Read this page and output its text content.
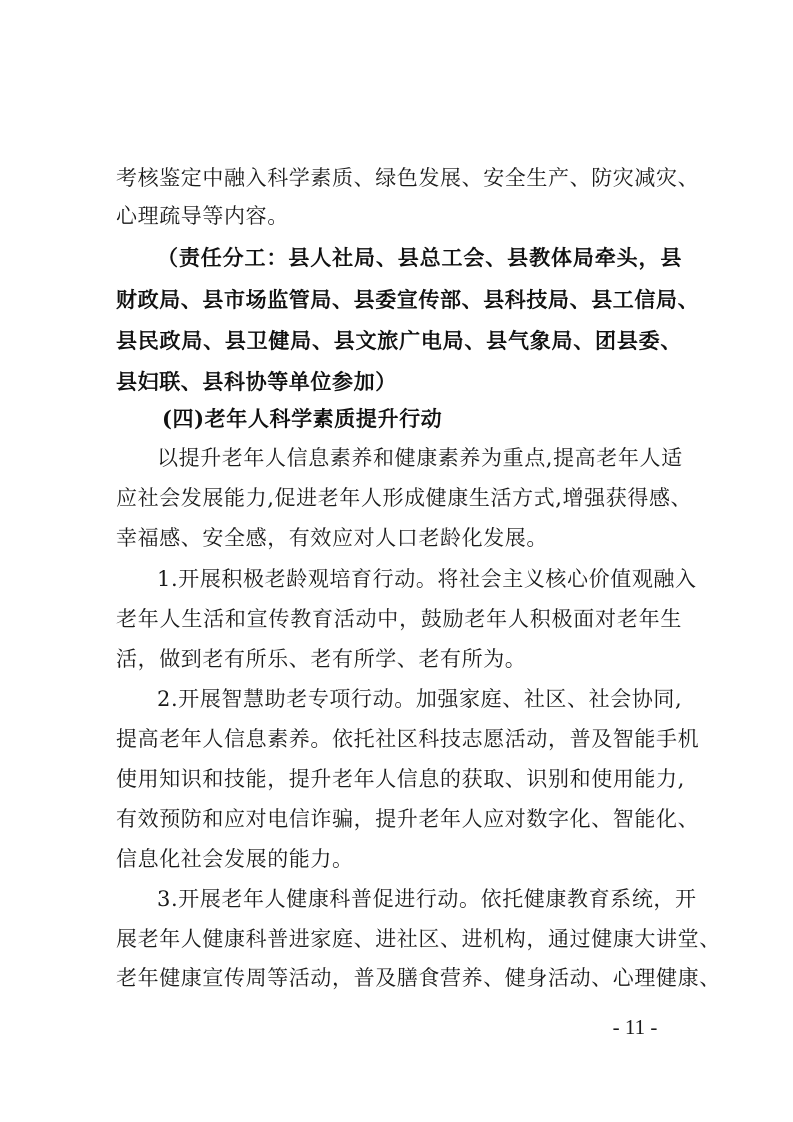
考核鉴定中融入科学素质、绿色发展、安全生产、防灾减灾、
心理疏导等内容。
（责任分工：县人社局、县总工会、县教体局牵头，县
财政局、县市场监管局、县委宣传部、县科技局、县工信局、
县民政局、县卫健局、县文旅广电局、县气象局、团县委、
县妇联、县科协等单位参加）
(四)老年人科学素质提升行动
以提升老年人信息素养和健康素养为重点,提高老年人适
应社会发展能力,促进老年人形成健康生活方式,增强获得感、
幸福感、安全感，有效应对人口老龄化发展。
1.开展积极老龄观培育行动。将社会主义核心价值观融入
老年人生活和宣传教育活动中，鼓励老年人积极面对老年生
活，做到老有所乐、老有所学、老有所为。
2.开展智慧助老专项行动。加强家庭、社区、社会协同,
提高老年人信息素养。依托社区科技志愿活动，普及智能手机
使用知识和技能，提升老年人信息的获取、识别和使用能力,
有效预防和应对电信诈骗，提升老年人应对数字化、智能化、
信息化社会发展的能力。
3.开展老年人健康科普促进行动。依托健康教育系统，开
展老年人健康科普进家庭、进社区、进机构，通过健康大讲堂、
老年健康宣传周等活动，普及膳食营养、健身活动、心理健康、
- 11 -
